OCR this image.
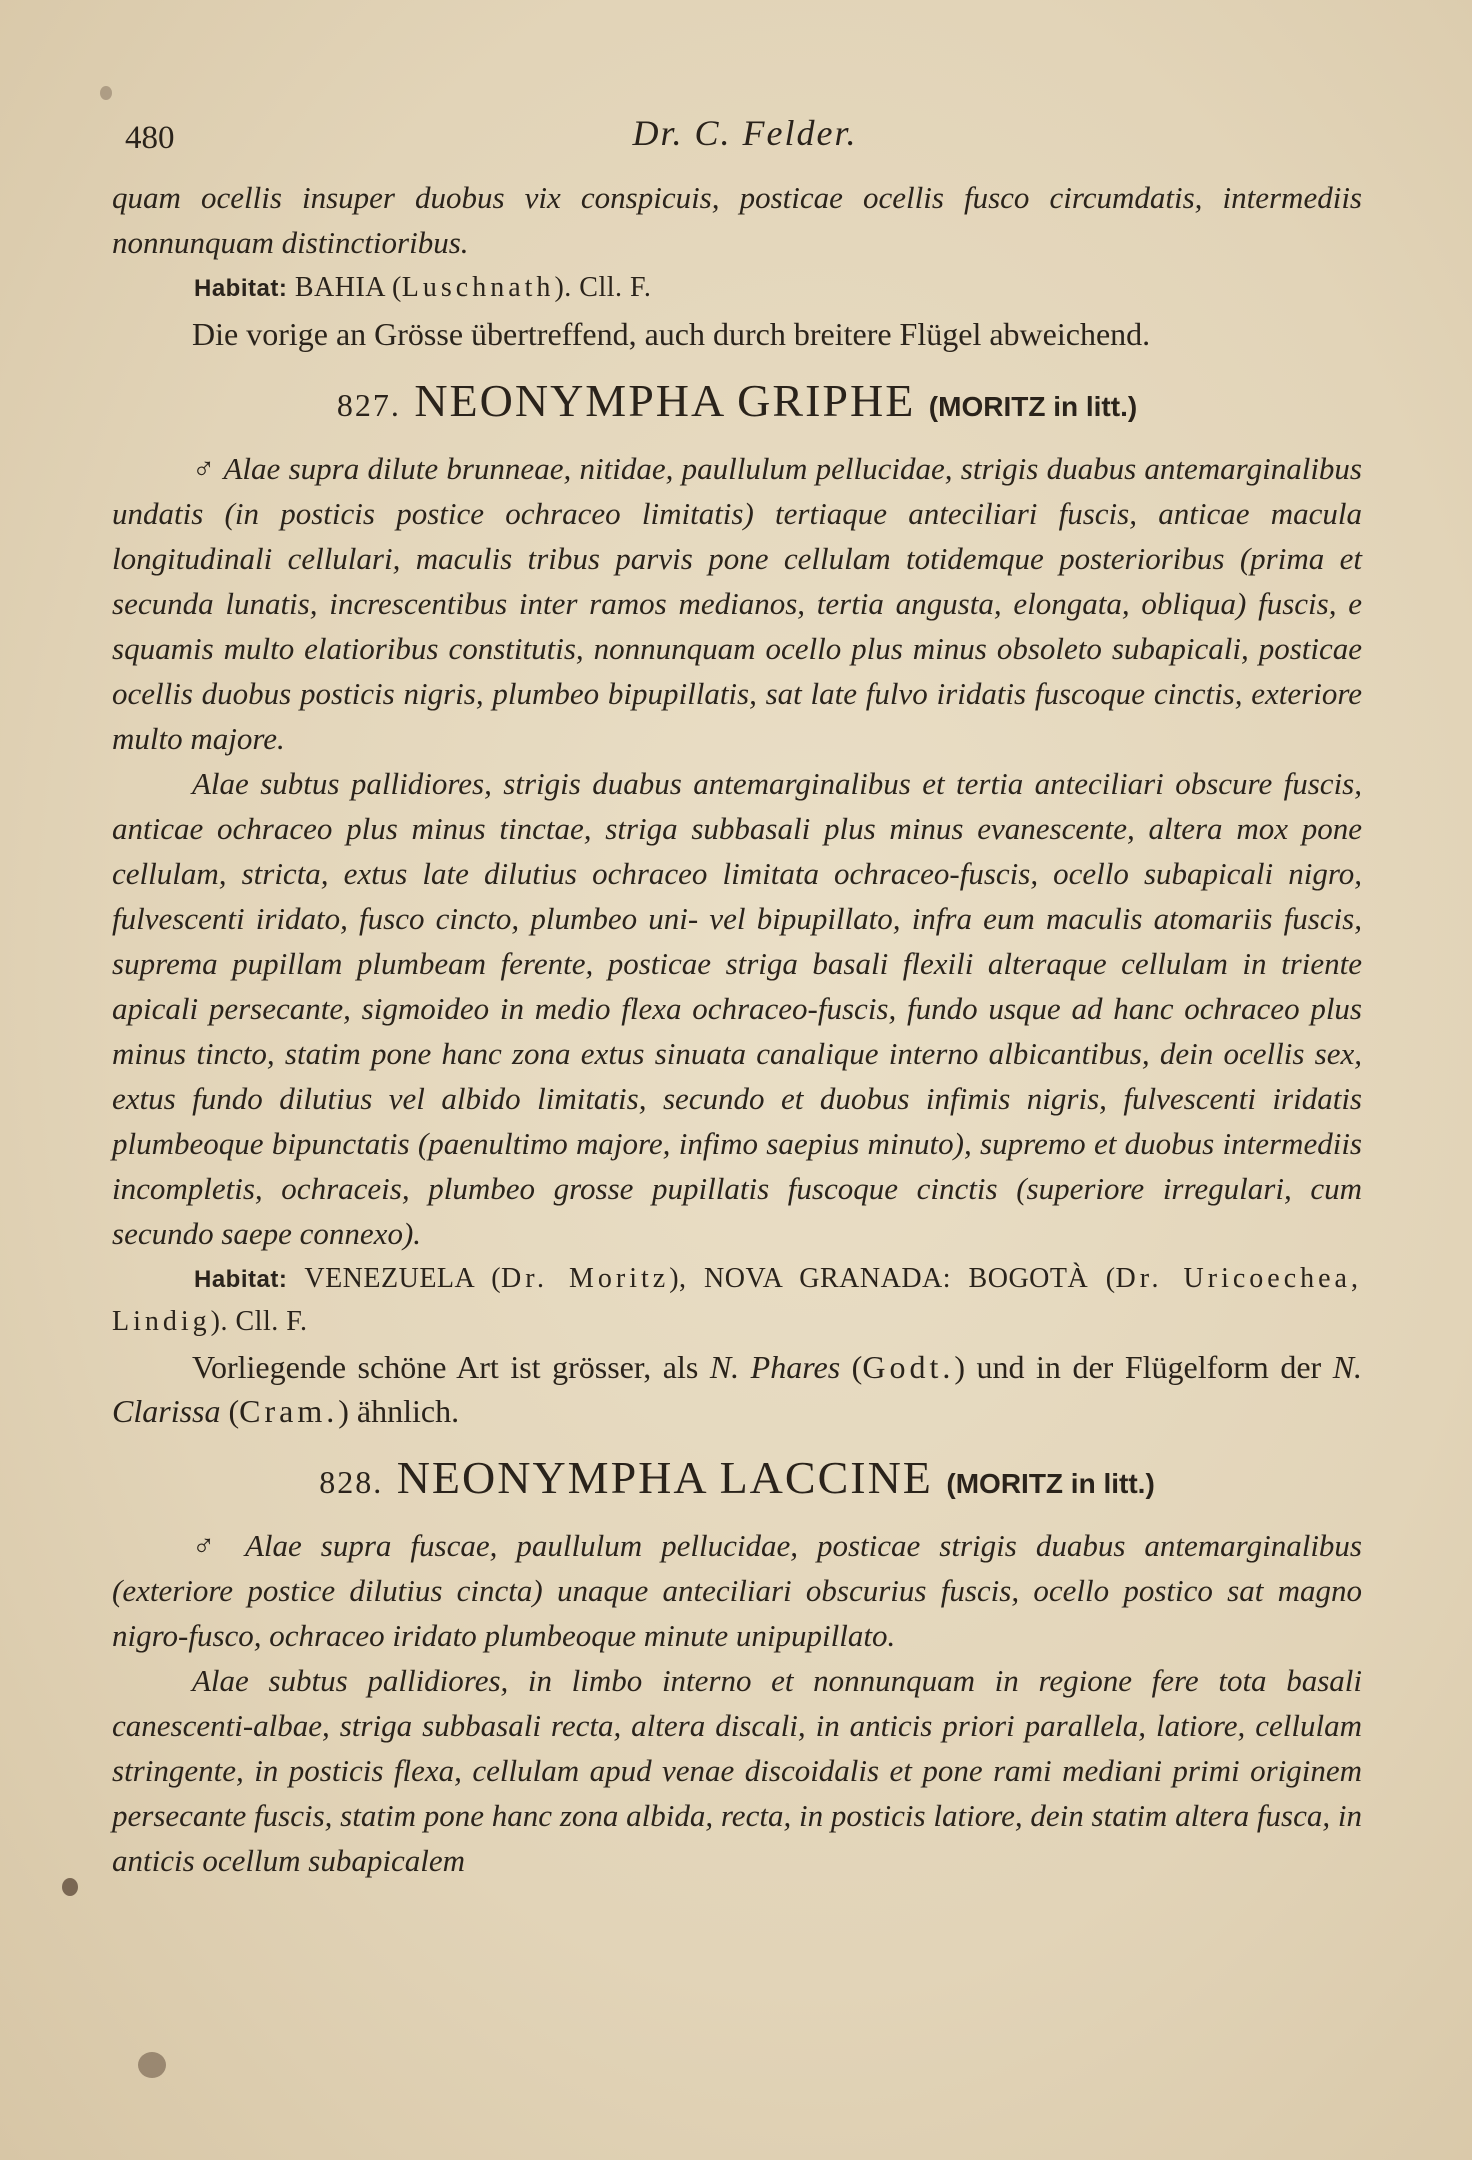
480	Dr. C. Felder.

quam ocellis insuper duobus vix conspicuis, posticae ocellis fusco circumdatis, intermediis nonnunquam distinctioribus.

Habitat: BAHIA (Luschnath). Cll. F.

Die vorige an Grösse übertreffend, auch durch breitere Flügel abweichend.

827. NEONYMPHA GRIPHE (MORITZ in litt.)

♂ Alae supra dilute brunneae, nitidae, paullulum pellucidae, strigis duabus antemarginalibus undatis (in posticis postice ochraceo limitatis) tertiaque anteciliari fuscis, anticae macula longitudinali cellulari, maculis tribus parvis pone cellulam totidemque posterioribus (prima et secunda lunatis, increscentibus inter ramos medianos, tertia angusta, elongata, obliqua) fuscis, e squamis multo elatioribus constitutis, nonnunquam ocello plus minus obsoleto subapicali, posticae ocellis duobus posticis nigris, plumbeo bipupillatis, sat late fulvo iridatis fuscoque cinctis, exteriore multo majore.

Alae subtus pallidiores, strigis duabus antemarginalibus et tertia anteciliari obscure fuscis, anticae ochraceo plus minus tinctae, striga subbasali plus minus evanescente, altera mox pone cellulam, stricta, extus late dilutius ochraceo limitata ochraceo-fuscis, ocello subapicali nigro, fulvescenti iridato, fusco cincto, plumbeo uni- vel bipupillato, infra eum maculis atomariis fuscis, suprema pupillam plumbeam ferente, posticae striga basali flexili alteraque cellulam in triente apicali persecante, sigmoideo in medio flexa ochraceo-fuscis, fundo usque ad hanc ochraceo plus minus tincto, statim pone hanc zona extus sinuata canalique interno albicantibus, dein ocellis sex, extus fundo dilutius vel albido limitatis, secundo et duobus infimis nigris, fulvescenti iridatis plumbeoque bipunctatis (paenultimo majore, infimo saepius minuto), supremo et duobus intermediis incompletis, ochraceis, plumbeo grosse pupillatis fuscoque cinctis (superiore irregulari, cum secundo saepe connexo).

Habitat: VENEZUELA (Dr. Moritz), NOVA GRANADA: BOGOTÀ (Dr. Uricoechea, Lindig). Cll. F.

Vorliegende schöne Art ist grösser, als N. Phares (Godt.) und in der Flügelform der N. Clarissa (Cram.) ähnlich.

828. NEONYMPHA LACCINE (MORITZ in litt.)

♂ Alae supra fuscae, paullulum pellucidae, posticae strigis duabus antemarginalibus (exteriore postice dilutius cincta) unaque anteciliari obscurius fuscis, ocello postico sat magno nigro-fusco, ochraceo iridato plumbeoque minute unipupillato.

Alae subtus pallidiores, in limbo interno et nonnunquam in regione fere tota basali canescenti-albae, striga subbasali recta, altera discali, in anticis priori parallela, latiore, cellulam stringente, in posticis flexa, cellulam apud venae discoidalis et pone rami mediani primi originem persecante fuscis, statim pone hanc zona albida, recta, in posticis latiore, dein statim altera fusca, in anticis ocellum subapicalem
